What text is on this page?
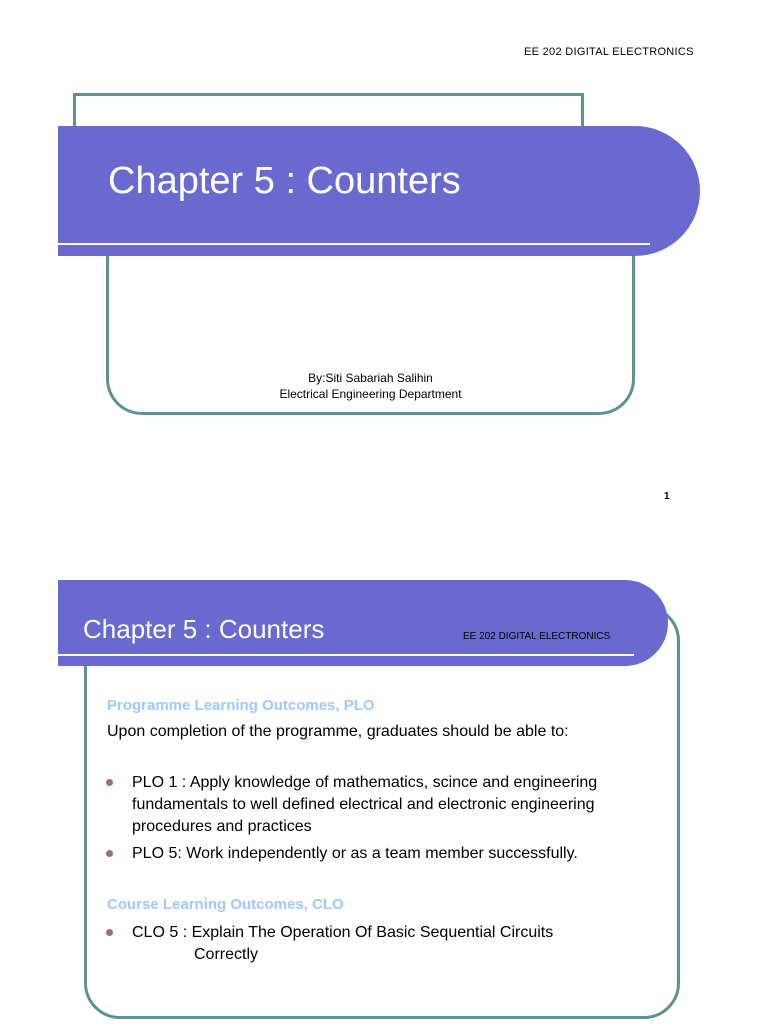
EE 202 DIGITAL ELECTRONICS
Chapter 5 : Counters
By:Siti Sabariah Salihin
Electrical Engineering Department
1
Chapter 5 : Counters	EE 202 DIGITAL ELECTRONICS
Programme Learning Outcomes, PLO
Upon completion of the programme, graduates should be able to:
PLO 1 : Apply knowledge of mathematics, scince and engineering
fundamentals to well defined electrical and electronic engineering
procedures and practices
PLO 5: Work independently or as a team member successfully.
Course Learning Outcomes, CLO
CLO 5 : Explain The Operation Of Basic Sequential Circuits
Correctly
